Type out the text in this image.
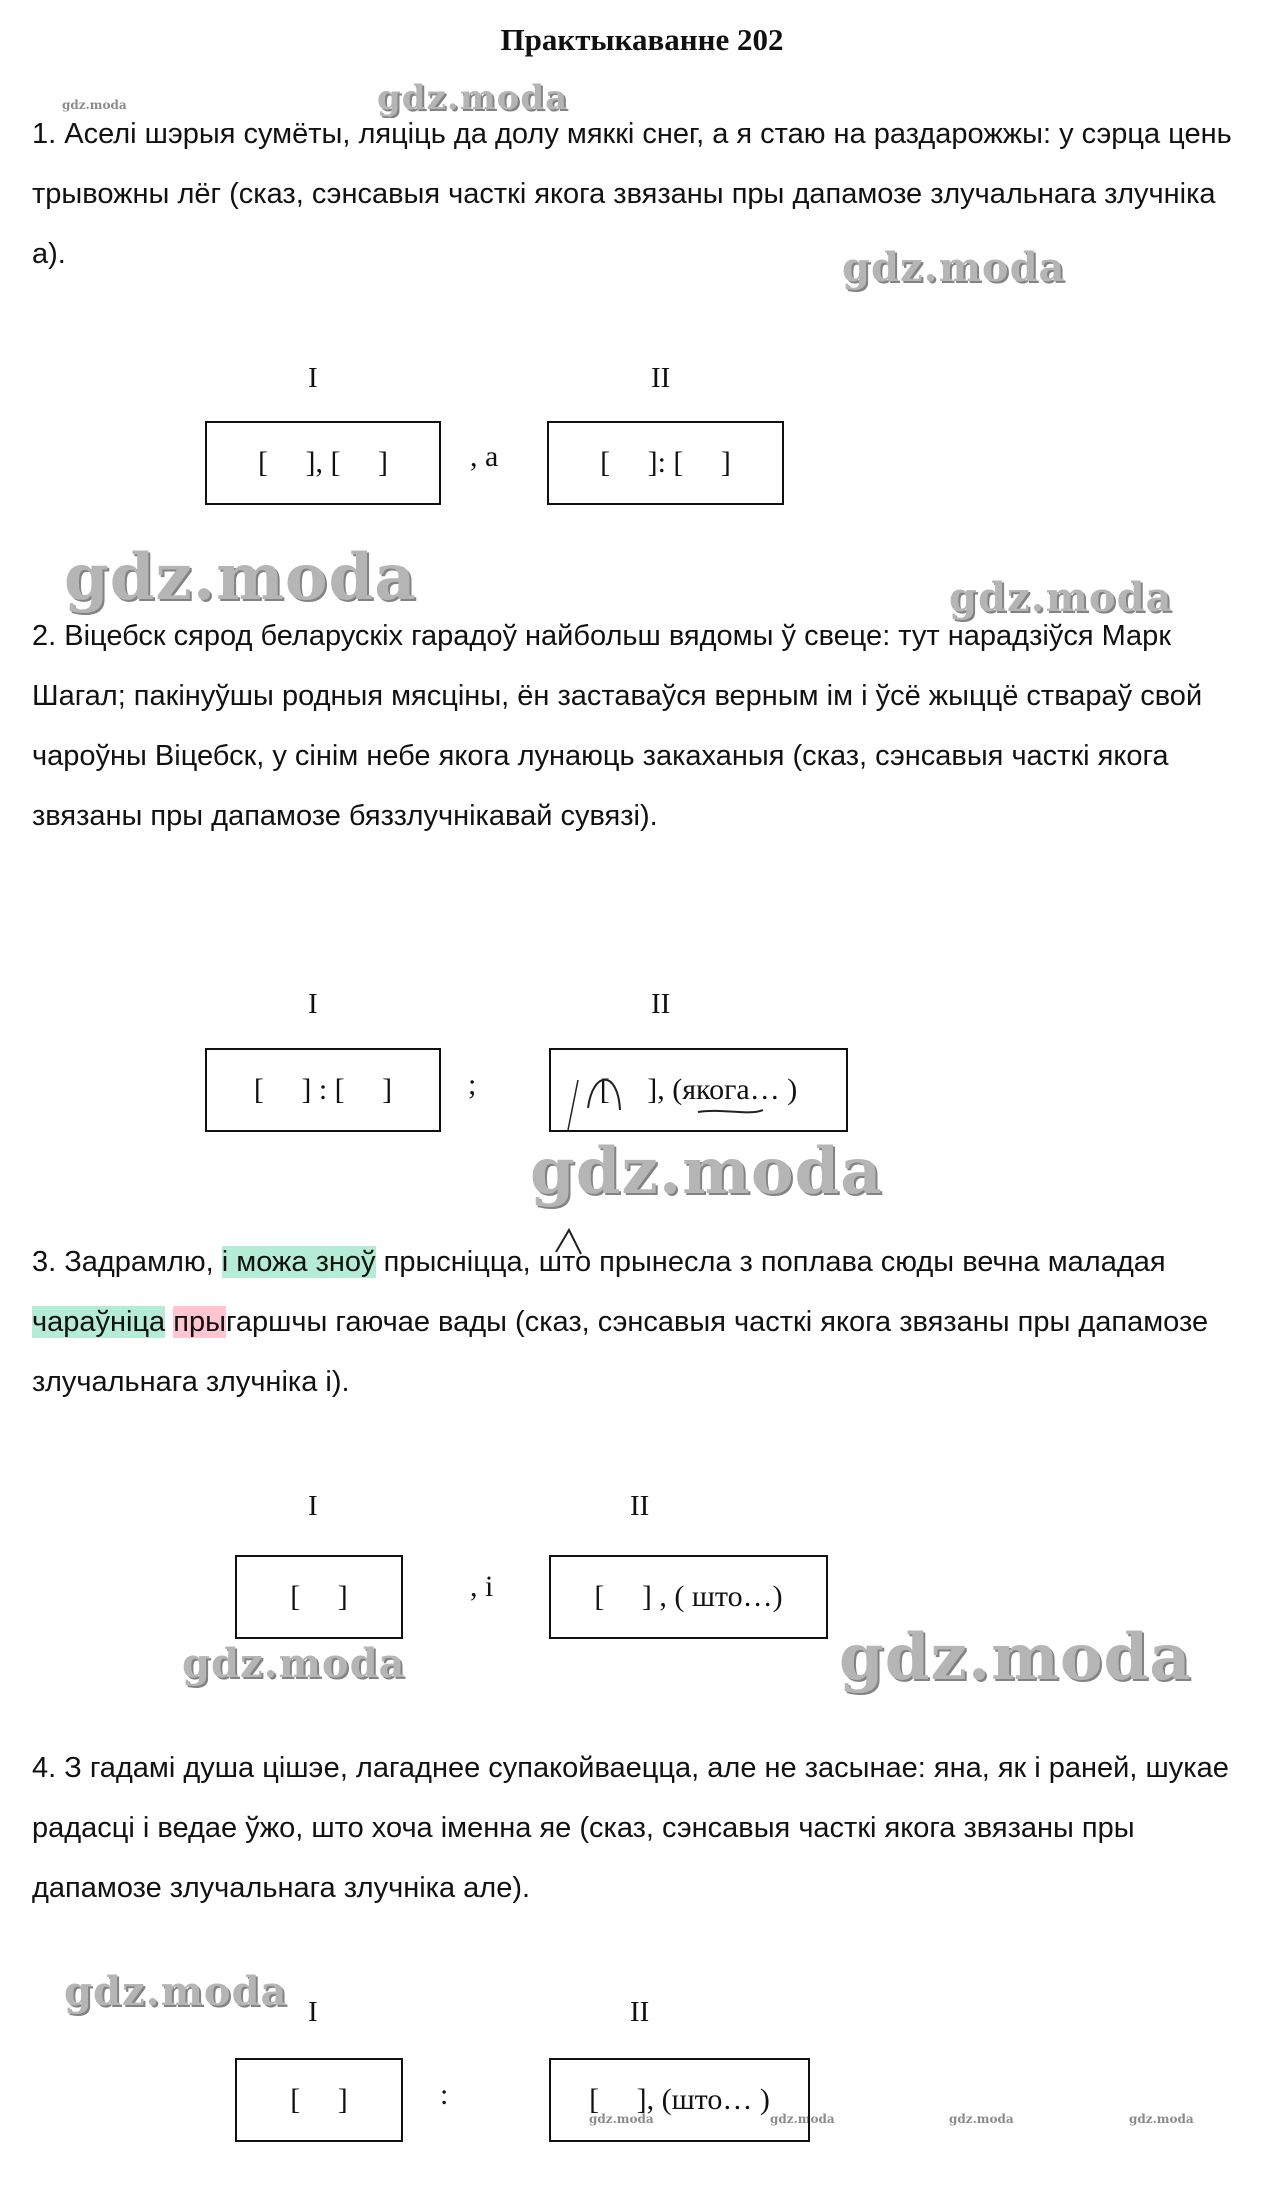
Практыкаванне 202
gdz.moda	gdz.moda
gdz.moda
gdz.moda	gdz.moda
gdz.moda
gdz.moda	gdz.moda
gdz.moda
gdz.moda	gdz.moda	gdz.moda	gdz.moda
1. Аселі шэрыя сумёты, ляціць да долу мяккі снег, а я стаю на раздарожжы: у сэрца цень трывожны лёг (сказ, сэнсавыя часткі якога звязаны пры дапамозе злучальнага злучніка а).
I	II
[     ], [     ]	, а	[     ]: [     ]
2. Віцебск сярод беларускіх гарадоў найбольш вядомы ў свеце: тут нарадзіўся Марк Шагал; пакінуўшы родныя мясціны, ён заставаўся верным ім і ўсё жыццё ствараў свой чароўны Віцебск, у сінім небе якога лунаюць закаханыя (сказ, сэнсавыя часткі якога звязаны пры дапамозе бяззлучнікавай сувязі).
I	II
[     ] : [     ]	;	[     ], (якога… )
3. Задрамлю, і можа зноў прысніцца, што прынесла з поплава сюды вечна маладая чараўніца прыгаршчы гаючае вады (сказ, сэнсавыя часткі якога звязаны пры дапамозе злучальнага злучніка і).
I	II
[     ]	, і	[     ] , ( што…)
4. З гадамі душа цішэе, лагаднее супакойваецца, але не засынае: яна, як і раней, шукае радасці і ведае ўжо, што хоча іменна яе (сказ, сэнсавыя часткі якога звязаны пры дапамозе злучальнага злучніка але).
I	II
[     ]	:	[     ], (што… )
